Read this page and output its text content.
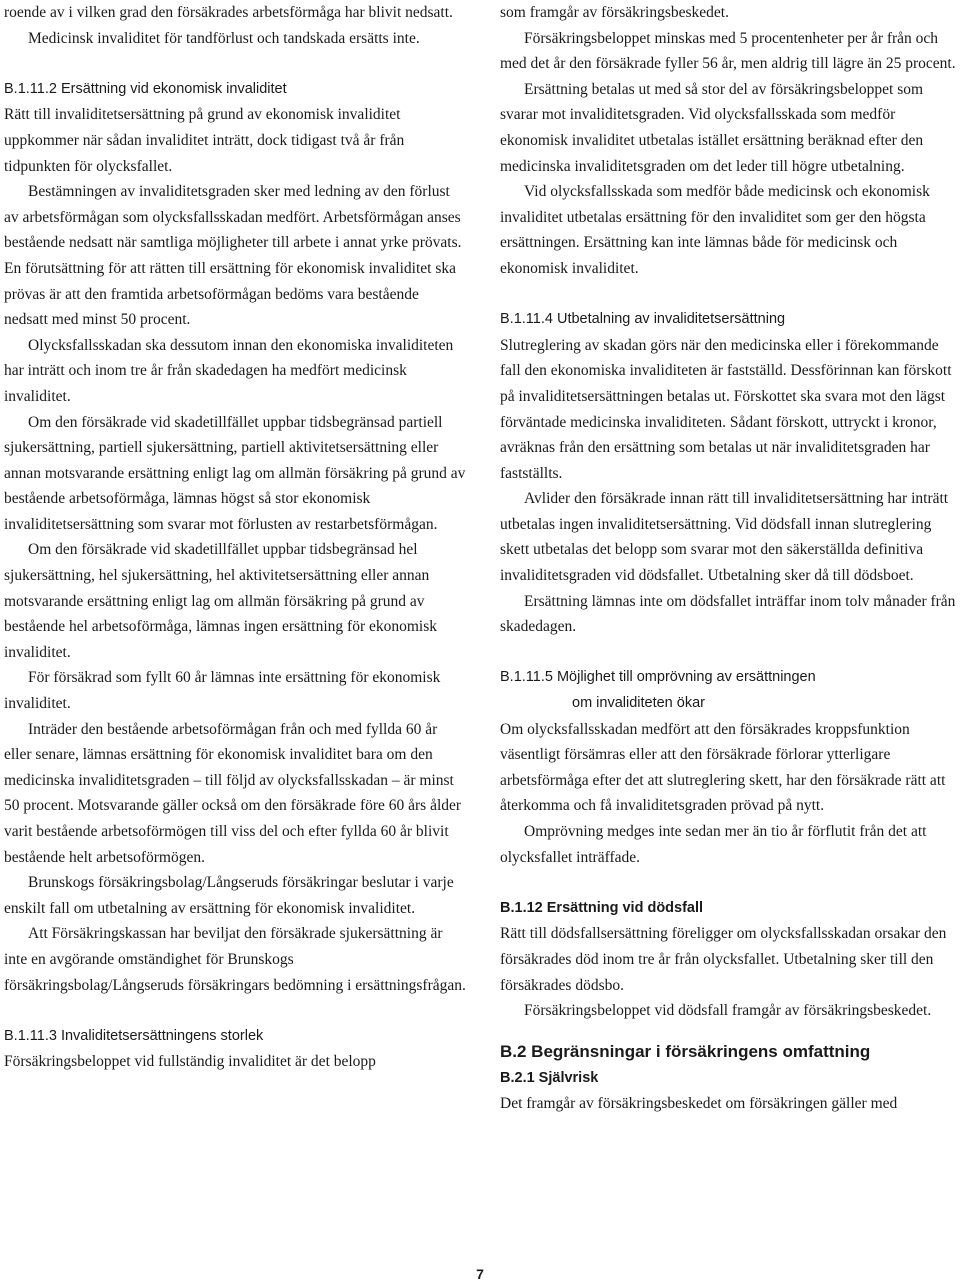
roende av i vilken grad den försäkrades arbetsförmåga har blivit nedsatt.

Medicinsk invaliditet för tandförlust och tandskada ersätts inte.

B.1.11.2 Ersättning vid ekonomisk invaliditet

Rätt till invaliditetsersättning på grund av ekonomisk invaliditet uppkommer när sådan invaliditet inträtt, dock tidigast två år från tidpunkten för olycksfallet.

Bestämningen av invaliditetsgraden sker med ledning av den förlust av arbetsförmågan som olycksfallsskadan medfört. Arbetsförmågan anses bestående nedsatt när samtliga möjligheter till arbete i annat yrke prövats. En förutsättning för att rätten till ersättning för ekonomisk invaliditet ska prövas är att den framtida arbetsoförmågan bedöms vara bestående nedsatt med minst 50 procent.

Olycksfallsskadan ska dessutom innan den ekonomiska invaliditeten har inträtt och inom tre år från skadedagen ha medfört medicinsk invaliditet.

Om den försäkrade vid skadetillfället uppbar tidsbegränsad partiell sjukersättning, partiell sjukersättning, partiell aktivitetsersättning eller annan motsvarande ersättning enligt lag om allmän försäkring på grund av bestående arbetsoförmåga, lämnas högst så stor ekonomisk invaliditetsersättning som svarar mot förlusten av restarbetsförmågan.

Om den försäkrade vid skadetillfället uppbar tidsbegränsad hel sjukersättning, hel sjukersättning, hel aktivitetsersättning eller annan motsvarande ersättning enligt lag om allmän försäkring på grund av bestående hel arbetsoförmåga, lämnas ingen ersättning för ekonomisk invaliditet.

För försäkrad som fyllt 60 år lämnas inte ersättning för ekonomisk invaliditet.

Inträder den bestående arbetsoförmågan från och med fyllda 60 år eller senare, lämnas ersättning för ekonomisk invaliditet bara om den medicinska invaliditetsgraden – till följd av olycksfallsskadan – är minst 50 procent. Motsvarande gäller också om den försäkrade före 60 års ålder varit bestående arbetsoförmögen till viss del och efter fyllda 60 år blivit bestående helt arbetsoförmögen.

Brunskogs försäkringsbolag/Långseruds försäkringar beslutar i varje enskilt fall om utbetalning av ersättning för ekonomisk invaliditet.

Att Försäkringskassan har beviljat den försäkrade sjukersättning är inte en avgörande omständighet för Brunskogs försäkringsbolag/Långseruds försäkringars bedömning i ersättningsfrågan.

B.1.11.3 Invaliditetsersättningens storlek

Försäkringsbeloppet vid fullständig invaliditet är det belopp

som framgår av försäkringsbeskedet.

Försäkringsbeloppet minskas med 5 procentenheter per år från och med det år den försäkrade fyller 56 år, men aldrig till lägre än 25 procent.

Ersättning betalas ut med så stor del av försäkringsbeloppet som svarar mot invaliditetsgraden. Vid olycksfallsskada som medför ekonomisk invaliditet utbetalas istället ersättning beräknad efter den medicinska invaliditetsgraden om det leder till högre utbetalning.

Vid olycksfallsskada som medför både medicinsk och ekonomisk invaliditet utbetalas ersättning för den invaliditet som ger den högsta ersättningen. Ersättning kan inte lämnas både för medicinsk och ekonomisk invaliditet.

B.1.11.4 Utbetalning av invaliditetsersättning

Slutreglering av skadan görs när den medicinska eller i förekommande fall den ekonomiska invaliditeten är fastställd. Dessförinnan kan förskott på invaliditetsersättningen betalas ut. Förskottet ska svara mot den lägst förväntade medicinska invaliditeten. Sådant förskott, uttryckt i kronor, avräknas från den ersättning som betalas ut när invaliditetsgraden har fastställts.

Avlider den försäkrade innan rätt till invaliditetsersättning har inträtt utbetalas ingen invaliditetsersättning. Vid dödsfall innan slutreglering skett utbetalas det belopp som svarar mot den säkerställda definitiva invaliditetsgraden vid dödsfallet. Utbetalning sker då till dödsboet.

Ersättning lämnas inte om dödsfallet inträffar inom tolv månader från skadedagen.

B.1.11.5 Möjlighet till omprövning av ersättningen
om invaliditeten ökar

Om olycksfallsskadan medfört att den försäkrades kroppsfunktion väsentligt försämras eller att den försäkrade förlorar ytterligare arbetsförmåga efter det att slutreglering skett, har den försäkrade rätt att återkomma och få invaliditetsgraden prövad på nytt.

Omprövning medges inte sedan mer än tio år förflutit från det att olycksfallet inträffade.

B.1.12 Ersättning vid dödsfall

Rätt till dödsfallsersättning föreligger om olycksfallsskadan orsakar den försäkrades död inom tre år från olycksfallet. Utbetalning sker till den försäkrades dödsbo.

Försäkringsbeloppet vid dödsfall framgår av försäkringsbeskedet.

B.2 Begränsningar i försäkringens omfattning
B.2.1 Självrisk

Det framgår av försäkringsbeskedet om försäkringen gäller med

7
